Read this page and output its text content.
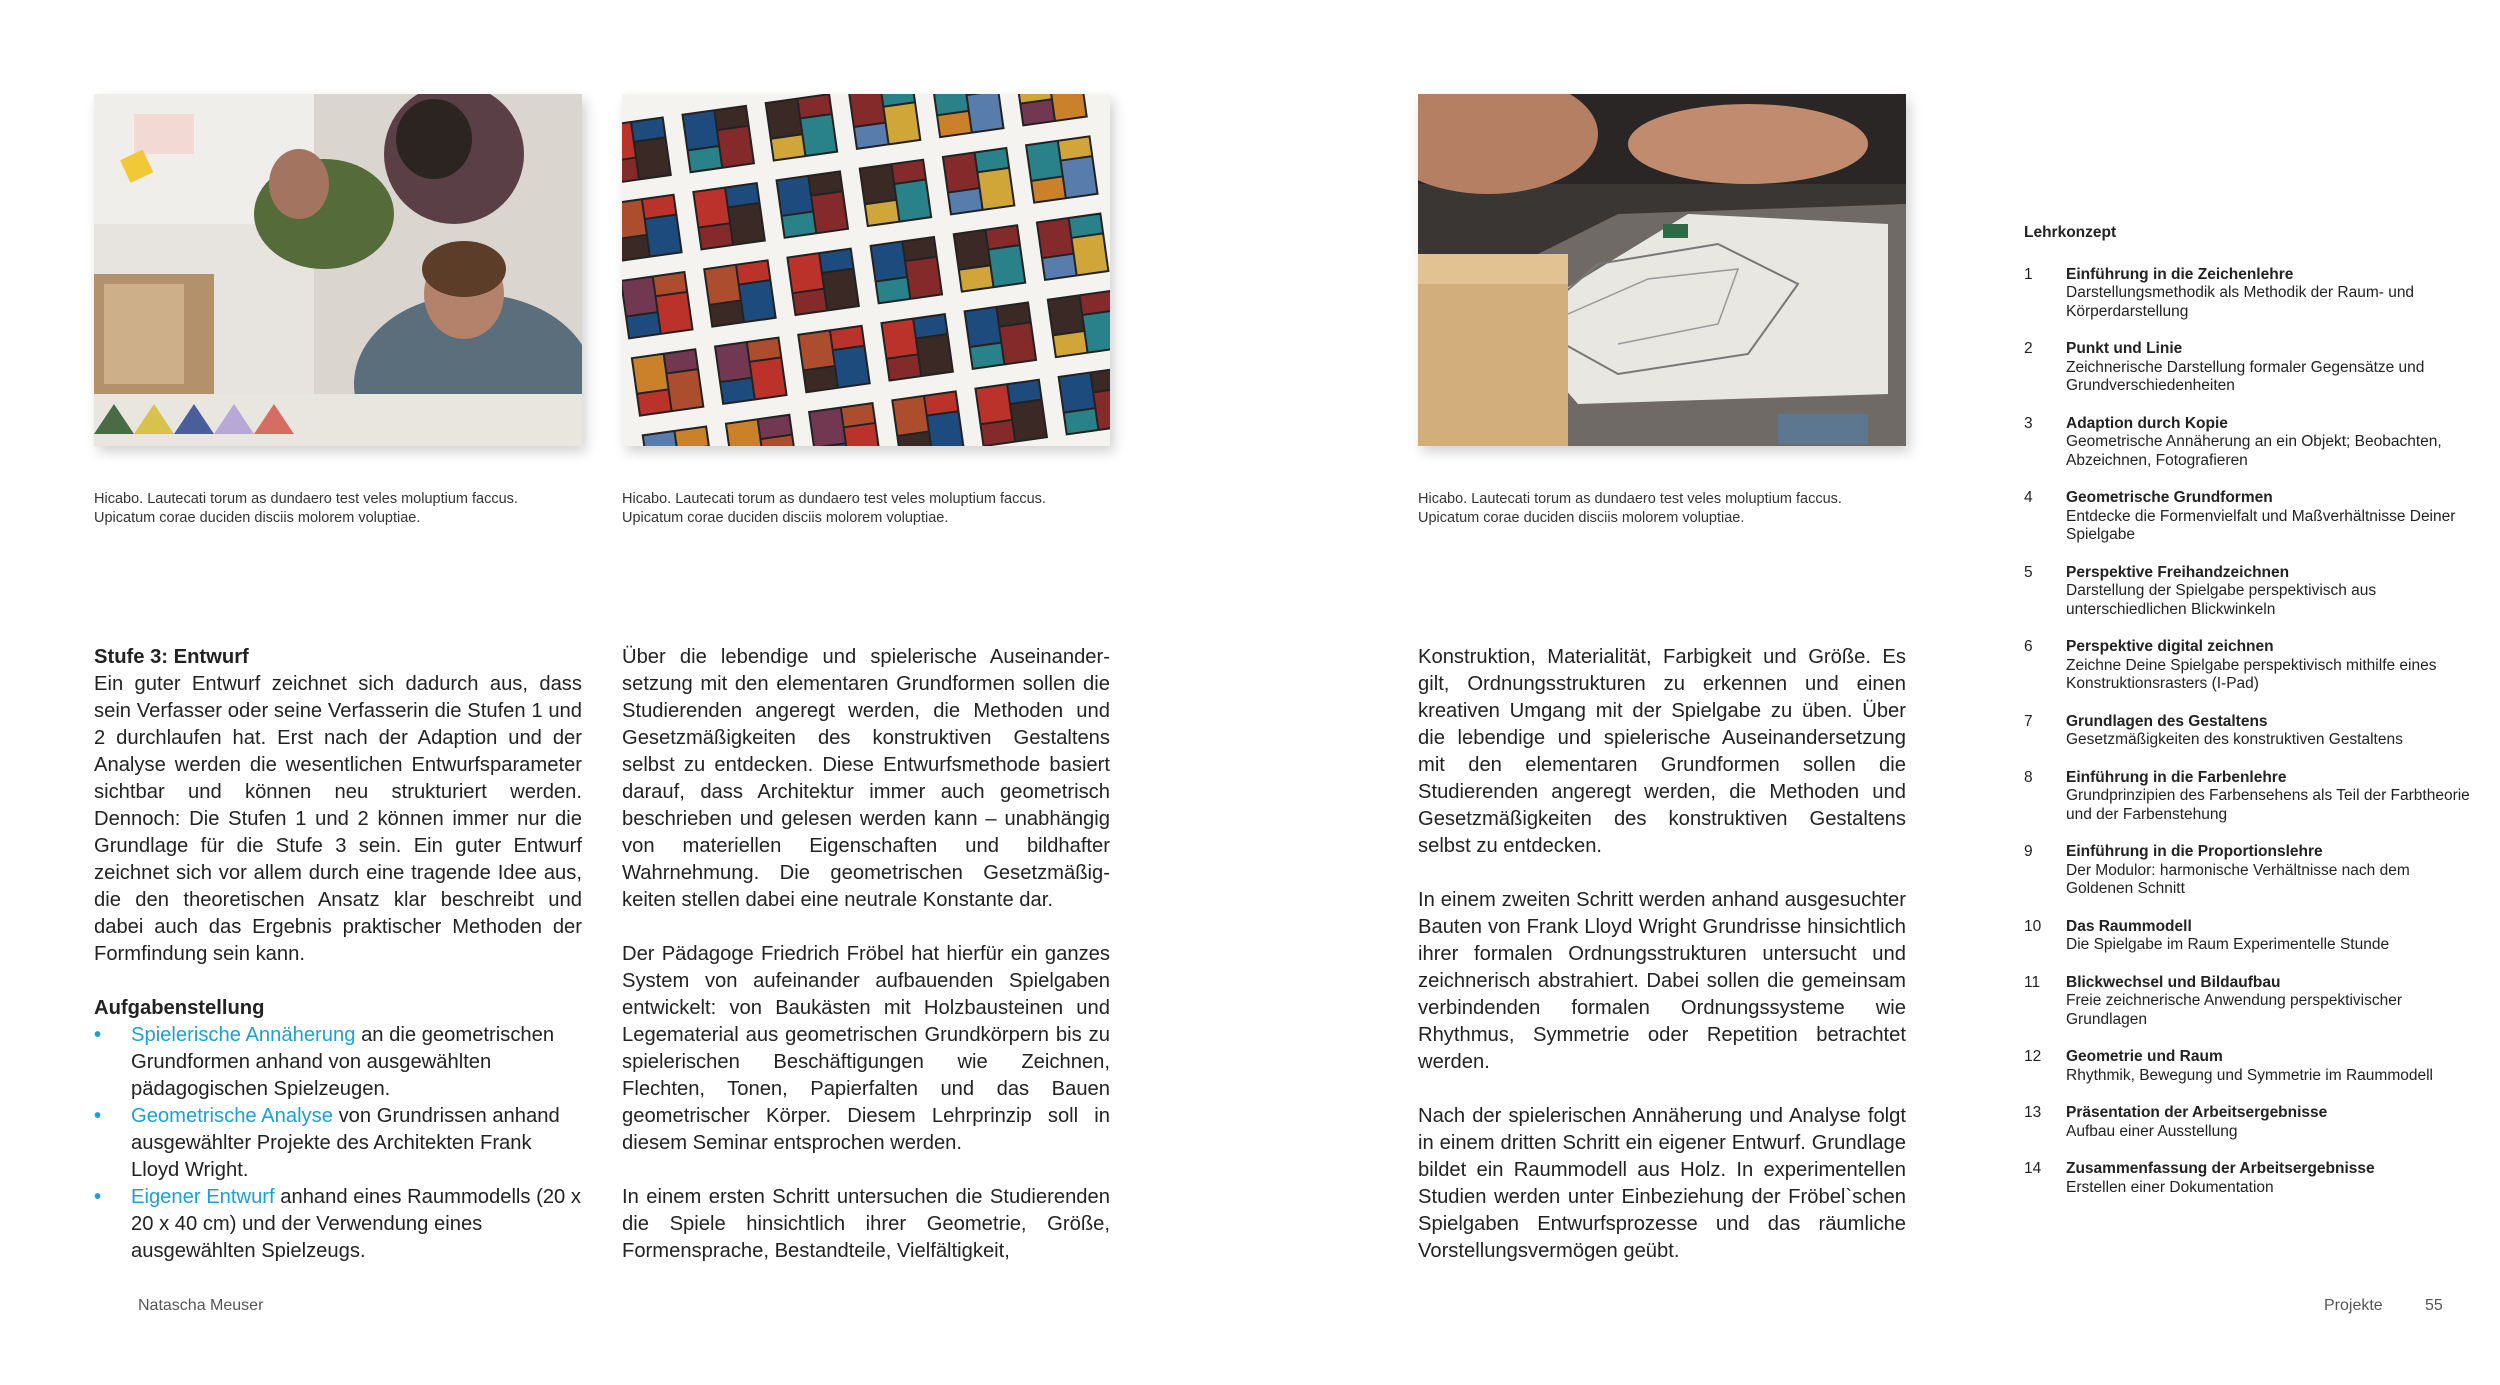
Hicabo. Lautecati torum as dundaero test veles moluptium faccus. Upicatum corae duciden disciis molorem voluptiae.
Hicabo. Lautecati torum as dundaero test veles moluptium faccus. Upicatum corae duciden disciis molorem voluptiae.
Hicabo. Lautecati torum as dundaero test veles moluptium faccus. Upicatum corae duciden disciis molorem voluptiae.

Stufe 3: Entwurf

Ein guter Entwurf zeichnet sich dadurch aus, dass sein Verfasser oder seine Verfasserin die Stufen 1 und 2 durchlaufen hat. Erst nach der Adaption und der Analyse werden die wesentlichen Entwurfsparameter sichtbar und können neu strukturiert werden. Dennoch: Die Stufen 1 und 2 können immer nur die Grundlage für die Stufe 3 sein. Ein guter Entwurf zeichnet sich vor allem durch eine tragende Idee aus, die den theoretischen Ansatz klar beschreibt und dabei auch das Ergebnis praktischer Methoden der Formfindung sein kann.

Aufgabenstellung

• Spielerische Annäherung an die geometrischen Grundformen anhand von ausgewählten pädagogischen Spielzeugen.
• Geometrische Analyse von Grundrissen anhand ausgewählter Projekte des Architekten Frank Lloyd Wright.
• Eigener Entwurf anhand eines Raummodells (20 x 20 x 40 cm) und der Verwendung eines ausgewählten Spielzeugs.

Über die lebendige und spielerische Auseinandersetzung mit den elementaren Grundformen sollen die Studierenden angeregt werden, die Methoden und Gesetzmäßigkeiten des konstruktiven Gestaltens selbst zu entdecken. Diese Entwurfsmethode basiert darauf, dass Architektur immer auch geometrisch beschrieben und gelesen werden kann – unabhängig von materiellen Eigenschaften und bildhafter Wahrnehmung. Die geometrischen Gesetzmäßigkeiten stellen dabei eine neutrale Konstante dar.

Der Pädagoge Friedrich Fröbel hat hierfür ein ganzes System von aufeinander aufbauenden Spielgaben entwickelt: von Baukästen mit Holzbausteinen und Legematerial aus geometrischen Grundkörpern bis zu spielerischen Beschäftigungen wie Zeichnen, Flechten, Tonen, Papierfalten und das Bauen geometrischer Körper. Diesem Lehrprinzip soll in diesem Seminar entsprochen werden.

In einem ersten Schritt untersuchen die Studierenden die Spiele hinsichtlich ihrer Geometrie, Größe, Formensprache, Bestandteile, Vielfältigkeit,

Konstruktion, Materialität, Farbigkeit und Größe. Es gilt, Ordnungsstrukturen zu erkennen und einen kreativen Umgang mit der Spielgabe zu üben. Über die lebendige und spielerische Auseinandersetzung mit den elementaren Grundformen sollen die Studierenden angeregt werden, die Methoden und Gesetzmäßigkeiten des konstruktiven Gestaltens selbst zu entdecken.

In einem zweiten Schritt werden anhand ausgesuchter Bauten von Frank Lloyd Wright Grundrisse hinsichtlich ihrer formalen Ordnungsstrukturen untersucht und zeichnerisch abstrahiert. Dabei sollen die gemeinsam verbindenden formalen Ordnungssysteme wie Rhythmus, Symmetrie oder Repetition betrachtet werden.

Nach der spielerischen Annäherung und Analyse folgt in einem dritten Schritt ein eigener Entwurf. Grundlage bildet ein Raummodell aus Holz. In experimentellen Studien werden unter Einbeziehung der Fröbel`schen Spielgaben Entwurfsprozesse und das räumliche Vorstellungsvermögen geübt.

Lehrkonzept
1 Einführung in die Zeichenlehre
Darstellungsmethodik als Methodik der Raum- und Körperdarstellung
2 Punkt und Linie
Zeichnerische Darstellung formaler Gegensätze und Grundverschiedenheiten
3 Adaption durch Kopie
Geometrische Annäherung an ein Objekt; Beobachten, Abzeichnen, Fotografieren
4 Geometrische Grundformen
Entdecke die Formenvielfalt und Maßverhältnisse Deiner Spielgabe
5 Perspektive Freihandzeichnen
Darstellung der Spielgabe perspektivisch aus unterschiedlichen Blickwinkeln
6 Perspektive digital zeichnen
Zeichne Deine Spielgabe perspektivisch mithilfe eines Konstruktionsrasters (I-Pad)
7 Grundlagen des Gestaltens
Gesetzmäßigkeiten des konstruktiven Gestaltens
8 Einführung in die Farbenlehre
Grundprinzipien des Farbensehens als Teil der Farbtheorie und der Farbenstehung
9 Einführung in die Proportionslehre
Der Modulor: harmonische Verhältnisse nach dem Goldenen Schnitt
10 Das Raummodell
Die Spielgabe im Raum Experimentelle Stunde
11 Blickwechsel und Bildaufbau
Freie zeichnerische Anwendung perspektivischer Grundlagen
12 Geometrie und Raum
Rhythmik, Bewegung und Symmetrie im Raummodell
13 Präsentation der Arbeitsergebnisse
Aufbau einer Ausstellung
14 Zusammenfassung der Arbeitsergebnisse
Erstellen einer Dokumentation
Natascha Meuser	Projekte	55
